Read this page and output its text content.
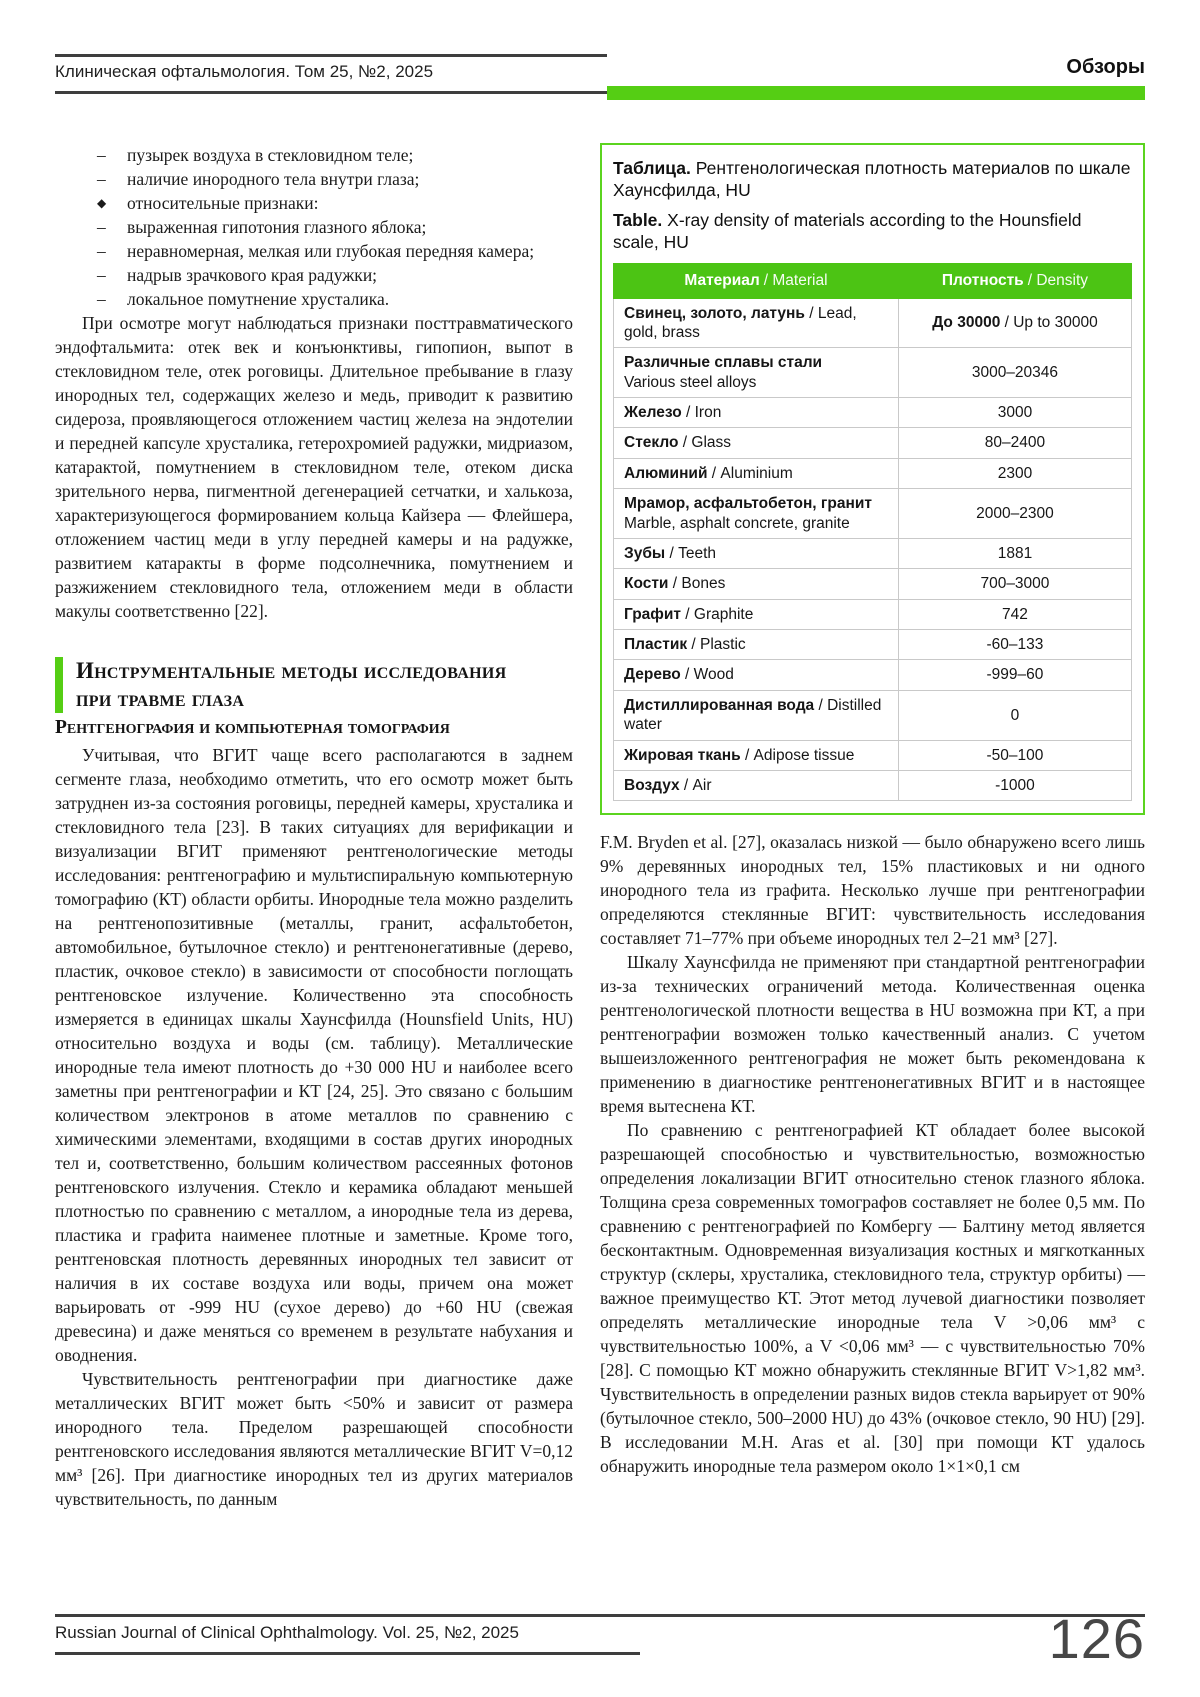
Клиническая офтальмология. Том 25, №2, 2025	Обзоры
–	пузырек воздуха в стекловидном теле;
–	наличие инородного тела внутри глаза;
◆	относительные признаки:
–	выраженная гипотония глазного яблока;
–	неравномерная, мелкая или глубокая передняя камера;
–	надрыв зрачкового края радужки;
–	локальное помутнение хрусталика.

При осмотре могут наблюдаться признаки посттравматического эндофтальмита: отек век и конъюнктивы, гипопион, выпот в стекловидном теле, отек роговицы. Длительное пребывание в глазу инородных тел, содержащих железо и медь, приводит к развитию сидероза, проявляющегося отложением частиц железа на эндотелии и передней капсуле хрусталика, гетерохромией радужки, мидриазом, катарактой, помутнением в стекловидном теле, отеком диска зрительного нерва, пигментной дегенерацией сетчатки, и халькоза, характеризующегося формированием кольца Кайзера — Флейшера, отложением частиц меди в углу передней камеры и на радужке, развитием катаракты в форме подсолнечника, помутнением и разжижением стекловидного тела, отложением меди в области макулы соответственно [22].

Инструментальные методы исследования
при травме глаза
Рентгенография и компьютерная томография

Учитывая, что ВГИТ чаще всего располагаются в заднем сегменте глаза, необходимо отметить, что его осмотр может быть затруднен из-за состояния роговицы, передней камеры, хрусталика и стекловидного тела [23]. В таких ситуациях для верификации и визуализации ВГИТ применяют рентгенологические методы исследования: рентгенографию и мультиспиральную компьютерную томографию (КТ) области орбиты. Инородные тела можно разделить на рентгенопозитивные (металлы, гранит, асфальтобетон, автомобильное, бутылочное стекло) и рентгенонегативные (дерево, пластик, очковое стекло) в зависимости от способности поглощать рентгеновское излучение. Количественно эта способность измеряется в единицах шкалы Хаунсфилда (Hounsfield Units, HU) относительно воздуха и воды (см. таблицу). Металлические инородные тела имеют плотность до +30 000 HU и наиболее всего заметны при рентгенографии и КТ [24, 25]. Это связано с большим количеством электронов в атоме металлов по сравнению с химическими элементами, входящими в состав других инородных тел и, соответственно, большим количеством рассеянных фотонов рентгеновского излучения. Стекло и керамика обладают меньшей плотностью по сравнению с металлом, а инородные тела из дерева, пластика и графита наименее плотные и заметные. Кроме того, рентгеновская плотность деревянных инородных тел зависит от наличия в их составе воздуха или воды, причем она может варьировать от -999 HU (сухое дерево) до +60 HU (свежая древесина) и даже меняться со временем в результате набухания и оводнения.

Чувствительность рентгенографии при диагностике даже металлических ВГИТ может быть <50% и зависит от размера инородного тела. Пределом разрешающей способности рентгеновского исследования являются металлические ВГИТ V=0,12 мм³ [26]. При диагностике инородных тел из других материалов чувствительность, по данным

Таблица. Рентгенологическая плотность материалов по шкале Хаунсфилда, HU

Table. X-ray density of materials according to the Hounsfield scale, HU

Материал / Material	Плотность / Density
Свинец, золото, латунь / Lead, gold, brass	До 30000 / Up to 30000
Различные сплавы стали
Various steel alloys	3000–20346
Железо / Iron	3000
Стекло / Glass	80–2400
Алюминий / Aluminium	2300
Мрамор, асфальтобетон, гранит
Marble, asphalt concrete, granite	2000–2300
Зубы / Teeth	1881
Кости / Bones	700–3000
Графит / Graphite	742
Пластик / Plastic	-60–133
Дерево / Wood	-999–60
Дистиллированная вода / Distilled water	0
Жировая ткань / Adipose tissue	-50–100
Воздух / Air	-1000

F.M. Bryden et al. [27], оказалась низкой — было обнаружено всего лишь 9% деревянных инородных тел, 15% пластиковых и ни одного инородного тела из графита. Несколько лучше при рентгенографии определяются стеклянные ВГИТ: чувствительность исследования составляет 71–77% при объеме инородных тел 2–21 мм³ [27].

Шкалу Хаунсфилда не применяют при стандартной рентгенографии из-за технических ограничений метода. Количественная оценка рентгенологической плотности вещества в HU возможна при КТ, а при рентгенографии возможен только качественный анализ. С учетом вышеизложенного рентгенография не может быть рекомендована к применению в диагностике рентгенонегативных ВГИТ и в настоящее время вытеснена КТ.

По сравнению с рентгенографией КТ обладает более высокой разрешающей способностью и чувствительностью, возможностью определения локализации ВГИТ относительно стенок глазного яблока. Толщина среза современных томографов составляет не более 0,5 мм. По сравнению с рентгенографией по Комбергу — Балтину метод является бесконтактным. Одновременная визуализация костных и мягкотканных структур (склеры, хрусталика, стекловидного тела, структур орбиты) — важное преимущество КТ. Этот метод лучевой диагностики позволяет определять металлические инородные тела V >0,06 мм³ с чувствительностью 100%, а V <0,06 мм³ — с чувствительностью 70% [28]. С помощью КТ можно обнаружить стеклянные ВГИТ V>1,82 мм³. Чувствительность в определении разных видов стекла варьирует от 90% (бутылочное стекло, 500–2000 HU) до 43% (очковое стекло, 90 HU) [29]. В исследовании M.H. Aras et al. [30] при помощи КТ удалось обнаружить инородные тела размером около 1×1×0,1 см

Russian Journal of Clinical Ophthalmology. Vol. 25, №2, 2025	126
